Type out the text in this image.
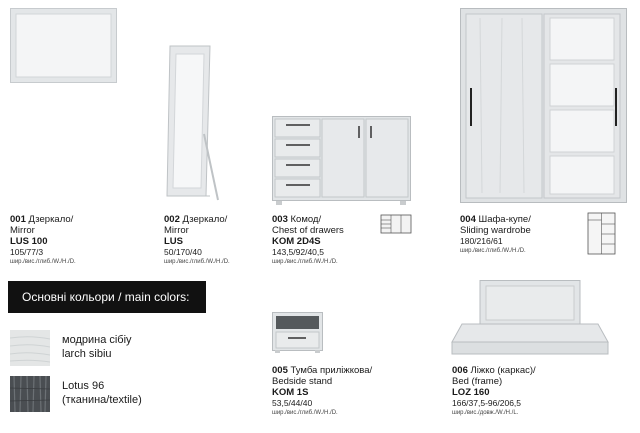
001 Дзеркало/
Mirror
LUS 100
105/77/3
шир./вис./глиб./W./H./D.
002 Дзеркало/
Mirror
LUS
50/170/40
шир./вис./глиб./W./H./D.
003 Комод/
Chest of drawers
KOM 2D4S
143,5/92/40,5
шир./вис./глиб./W./H./D.
004 Шафа-купе/
Sliding wardrobe
180/216/61
шир./вис./глиб./W./H./D.
005 Тумба приліжкова/
Bedside stand
KOM 1S
53,5/44/40
шир./вис./глиб./W./H./D.
006 Ліжко (каркас)/
Bed (frame)
LOZ 160
166/37,5-96/206,5
шир./вис./довж./W./H./L.
Основні кольори / main colors:
модрина сібіу
larch sibiu
Lotus 96
(тканина/textile)
